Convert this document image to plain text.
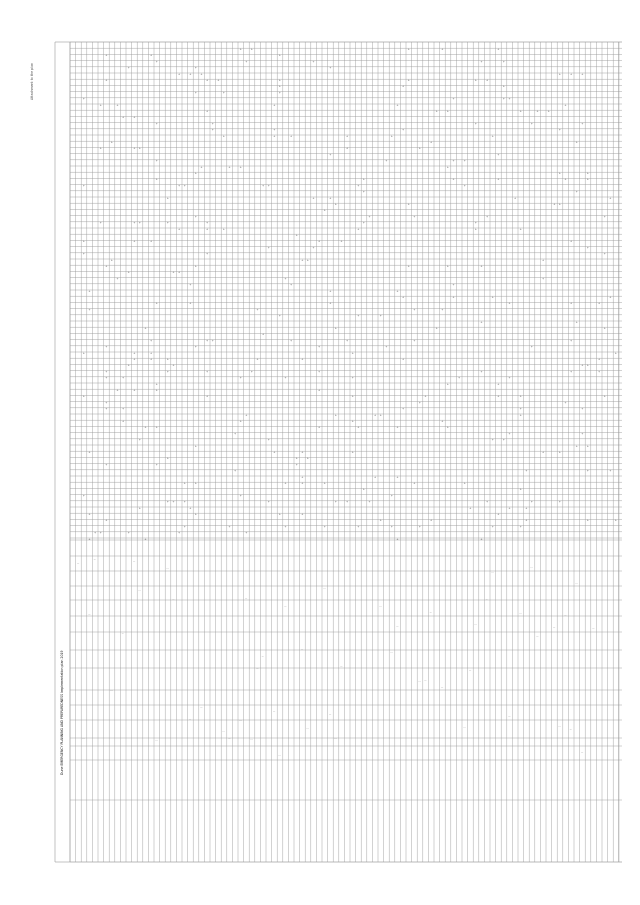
Dune EMERGENCY PLANNING AND PREPAREDNESS Implementation plan 2019
Attachment to the plan
...
+
+
+
+
+
+
+
...
+
+
+
+
+
...
+
...
+
+
+
+
+
+
+
+
+
+
+
+
+
+
+
+
...
+
+
+
+
+
+
+
...
+
+
+
+
+
+
+
+
+
+
+
...
+
+
+
+
...
+
+
+
+
+
+
+
+
+
+
+
+
+
+
+
+
+
...
+
+
+
+
+
+
...
+
+
+
...
+
+
+
+
+
+
+
+
+
+
+
+
+
...
+
+
+
+
+
+
+
+
+
+
+
...
+
+
+
+
+
+
+
+
+
+
+
+
+
+
+
...
+
+
...
+
+
+
+
+
+
+
...
+
+
+
...
+
+
...
+
+
...
+
+
...
+
+
+
+
+
+
+
+
...
+
+
+
+
+
+
...
+
+
+
+
...
+
+
+
+
+
+
+
+
+
+
+
+
...
+
+
...
+
+
+
+
+
+
+
+
+
+
+
...
+
+
+
+
+
...
+
+
+
+
...
+
...
+
+
+
+
+
+
+
+
+
+
+
+
+
+
+
+
+
+
+
+
+
+
+
+
+
...
+
+
+
+
+
...
+
+
+
+
+
...
+
+
+
+
+
+
+
+
+
+
+
+
+
+
+
+
...
+
...
+
+
...
+
+
+
+
+
...
+
+
+
+
+
+
+
+
+
+
+
+
+
+
...
+
...
+
+
+
+
...
+
+
+
+
+
+
+
+
...
+
+
+
+
...
+
+
+
+
+
+
+
+
+
+
+
+
+
+
+
...
+
+
+
+
+
+
+
+
...
+
+
+
+
+
+
...
+
...
+
+
+
+
+
...
+
+
+
+
+
+
...
+
+
+
...
+
+
+
+
+
...
+
+
+
+
...
+
+
+
+
+
...
+
+
+
+
+
+
+
...
+
+
+
+
+
+
+
+
+
+
+
+
